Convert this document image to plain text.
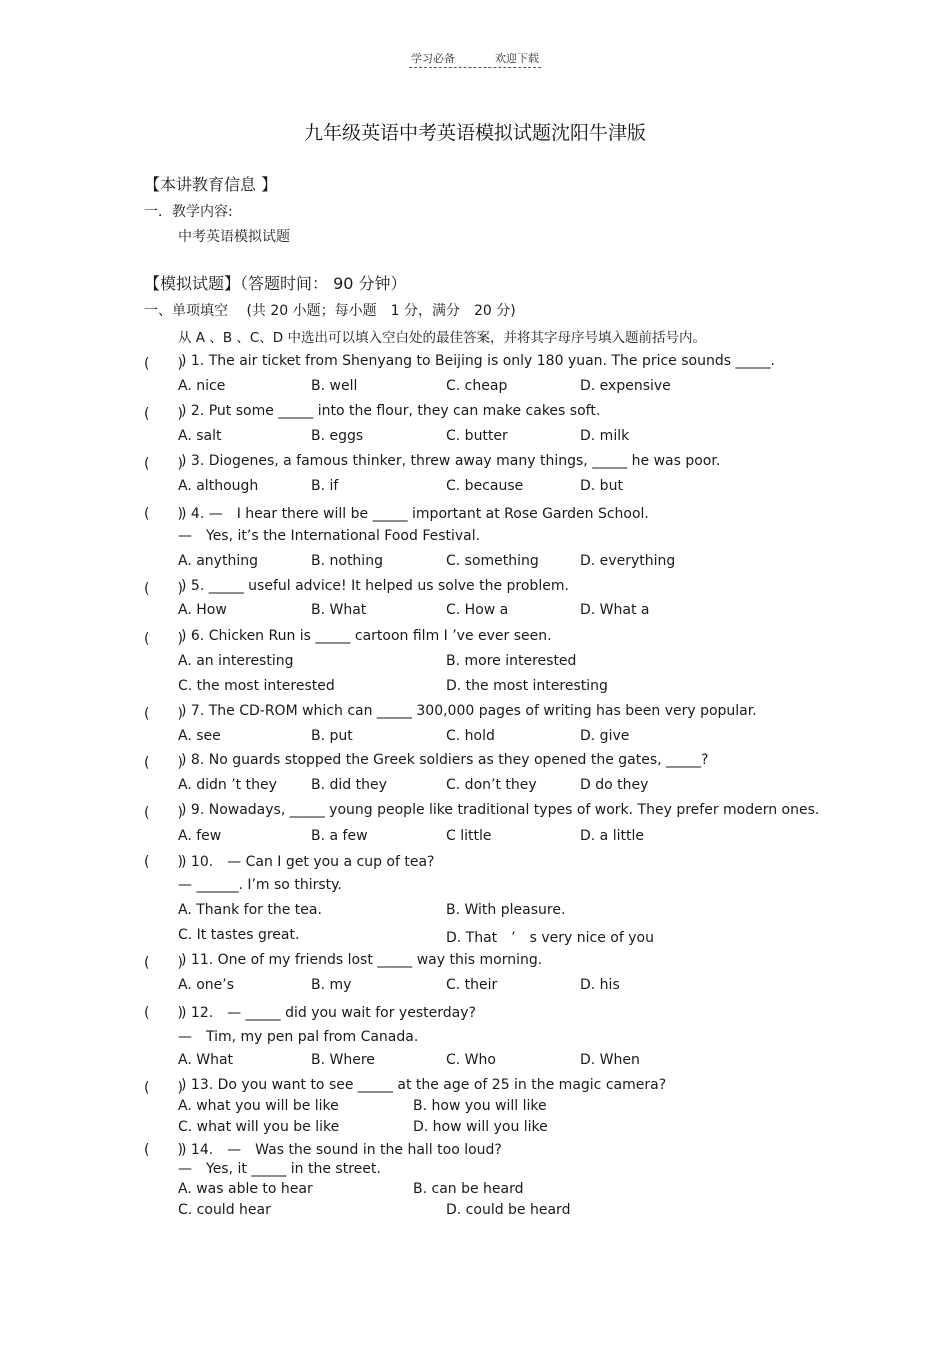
学习必备	欢迎下载
九年级英语中考英语模拟试题沈阳牛津版
【本讲教育信息 】
一．教学内容:
中考英语模拟试题
【模拟试题】（答题时间： 90 分钟）
一、单项填空　 (共 20 小题；每小题　1 分，满分　20 分)
从 A 、B 、C、D 中选出可以填入空白处的最佳答案，并将其字母序号填入题前括号内。
(　　)
) 1. The air ticket from Shenyang to Beijing is only 180 yuan. The price sounds _____.
A. nice	B. well	C. cheap	D. expensive
(　　)
) 2. Put some _____ into the flour, they can make cakes soft.
A. salt	B. eggs	C. butter	D. milk
(　　)
) 3. Diogenes, a famous thinker, threw away many things, _____ he was poor.
A. although	B. if	C. because	D. but
(　　)
) 4. —　I hear there will be _____ important at Rose Garden School.
—　Yes, it’s the International Food Festival.
A. anything	B. nothing	C. something	D. everything
(　　)
) 5. _____ useful advice! It helped us solve the problem.
A. How	B. What	C. How a	D. What a
(　　)
) 6. Chicken Run is _____ cartoon film I ’ve ever seen.
A. an interesting	B. more interested
C. the most interested	D. the most interesting
(　　)
) 7. The CD-ROM which can _____ 300,000 pages of writing has been very popular.
A. see	B. put	C. hold	D. give
(　　)
) 8. No guards stopped the Greek soldiers as they opened the gates, _____?
A. didn ’t they B. did they	C. don’t they	D do they
(　　)
) 9. Nowadays, _____ young people like traditional types of work. They prefer modern ones.
A. few	B. a few	C little	D. a little
(　　)
) 10.　— Can I get you a cup of tea?
— ______. I’m so thirsty.
A. Thank for the tea.	B. With pleasure.
C. It tastes great.	D. That　’　s very nice of you
(　　)
) 11. One of my friends lost _____ way this morning.
A. one’s	B. my	C. their	D. his
(　　)
) 12.　— _____ did you wait for yesterday?
—　Tim, my pen pal from Canada.
A. What	B. Where	C. Who	D. When
(　　)
) 13. Do you want to see _____ at the age of 25 in the magic camera?
A. what you will be like	B. how you will like
C. what will you be like	D. how will you like
(　　)
) 14.　—　Was the sound in the hall too loud?
—　Yes, it _____ in the street.
A. was able to hear	B. can be heard
C. could hear	D. could be heard
